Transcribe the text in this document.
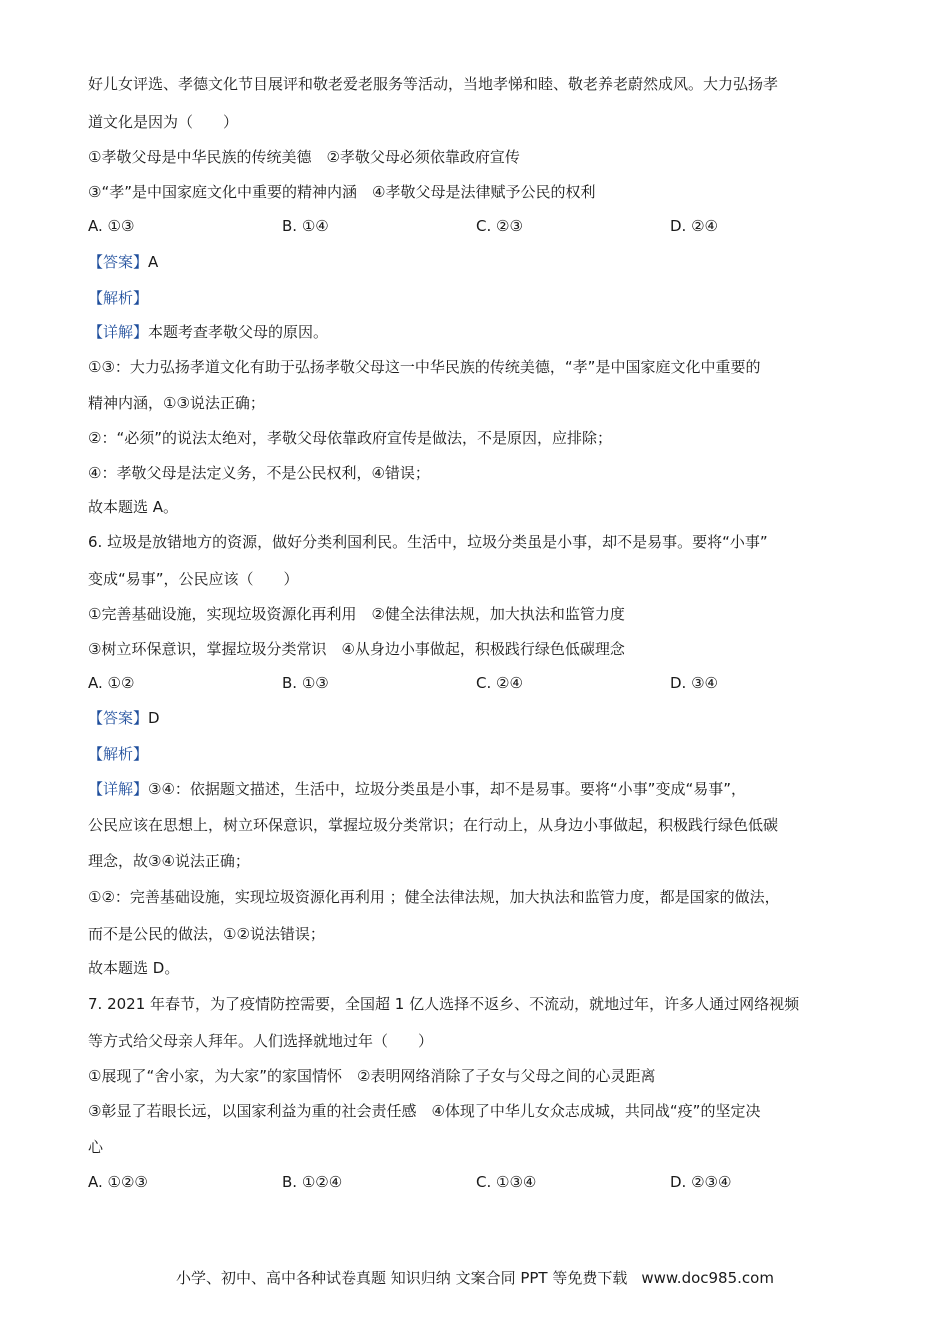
好儿女评选、孝德文化节目展评和敬老爱老服务等活动，当地孝悌和睦、敬老养老蔚然成风。大力弘扬孝
道文化是因为（　　）
①孝敬父母是中华民族的传统美德　②孝敬父母必须依靠政府宣传
③“孝”是中国家庭文化中重要的精神内涵　④孝敬父母是法律赋予公民的权利
A. ①③	B. ①④	C. ②③	D. ②④
【答案】A
【解析】
【详解】本题考查孝敬父母的原因。
①③：大力弘扬孝道文化有助于弘扬孝敬父母这一中华民族的传统美德，“孝”是中国家庭文化中重要的
精神内涵，①③说法正确；
②：“必须”的说法太绝对，孝敬父母依靠政府宣传是做法，不是原因，应排除；
④：孝敬父母是法定义务，不是公民权利，④错误；
故本题选 A。
6. 垃圾是放错地方的资源，做好分类利国利民。生活中，垃圾分类虽是小事，却不是易事。要将“小事”
变成“易事”，公民应该（　　）
①完善基础设施，实现垃圾资源化再利用　②健全法律法规，加大执法和监管力度
③树立环保意识，掌握垃圾分类常识　④从身边小事做起，积极践行绿色低碳理念
A. ①②	B. ①③	C. ②④	D. ③④
【答案】D
【解析】
【详解】③④：依据题文描述，生活中，垃圾分类虽是小事，却不是易事。要将“小事”变成“易事”，
公民应该在思想上，树立环保意识，掌握垃圾分类常识；在行动上，从身边小事做起，积极践行绿色低碳
理念，故③④说法正确；
①②：完善基础设施，实现垃圾资源化再利用 ；健全法律法规，加大执法和监管力度，都是国家的做法，
而不是公民的做法，①②说法错误；
故本题选 D。
7. 2021 年春节，为了疫情防控需要，全国超 1 亿人选择不返乡、不流动，就地过年，许多人通过网络视频
等方式给父母亲人拜年。人们选择就地过年（　　）
①展现了“舍小家，为大家”的家国情怀　②表明网络消除了子女与父母之间的心灵距离
③彰显了若眼长远，以国家利益为重的社会责任感　④体现了中华儿女众志成城，共同战“疫”的坚定决
心
A. ①②③	B. ①②④	C. ①③④	D. ②③④
小学、初中、高中各种试卷真题 知识归纳 文案合同 PPT 等免费下载 www.doc985.com
